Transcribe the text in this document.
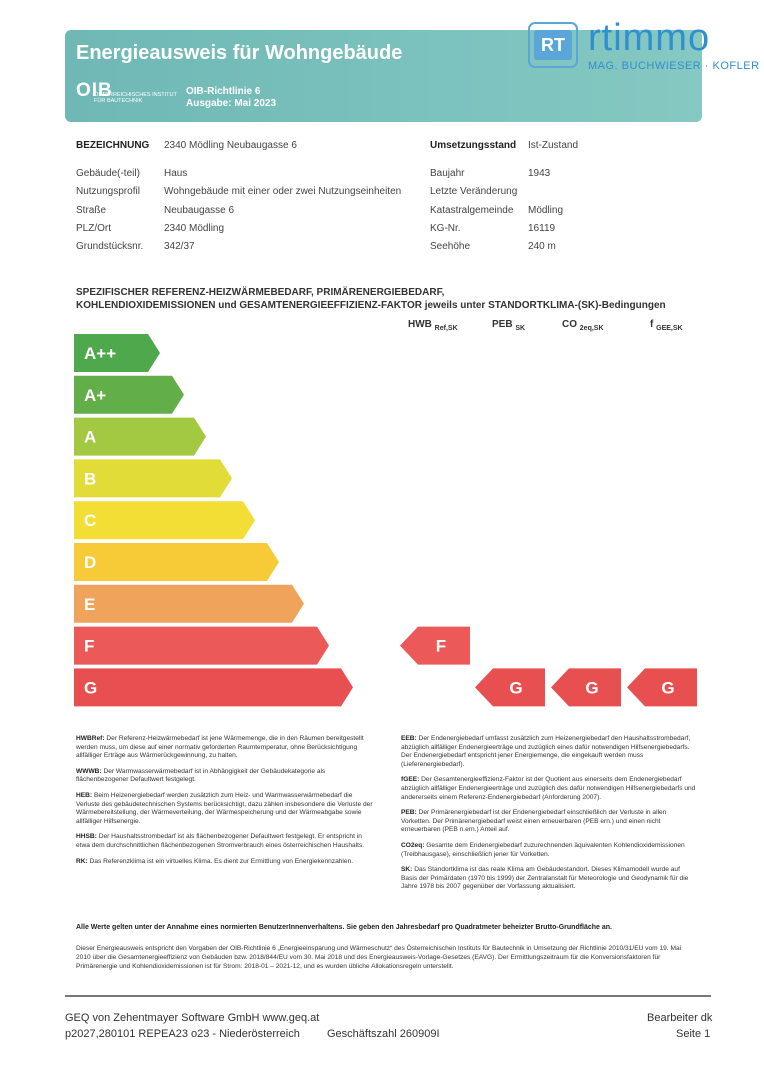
Energieausweis für Wohngebäude
OIB
ÖSTERREICHISCHES INSTITUT FÜR BAUTECHNIK
OIB-Richtlinie 6
Ausgabe: Mai 2023
RT rtimmo
MAG. BUCHWIESER · KOFLER
BEZEICHNUNG 2340 Mödling Neubaugasse 6	Umsetzungsstand Ist-Zustand
Gebäude(-teil) Haus
Nutzungsprofil Wohngebäude mit einer oder zwei Nutzungseinheiten
Straße	Neubaugasse 6
PLZ/Ort	2340 Mödling
Grundstücksnr. 342/37
Baujahr	1943
Letzte Veränderung
Katastralgemeinde Mödling
KG-Nr.	16119
Seehöhe	240 m
SPEZIFISCHER REFERENZ-HEIZWÄRMEBEDARF, PRIMÄRENERGIEBEDARF,
KOHLENDIOXIDEMISSIONEN und GESAMTENERGIEEFFIZIENZ-FAKTOR jeweils unter STANDORTKLIMA-(SK)-Bedingungen
HWB $_{Ref,SK}$	PEB $_{SK}$	CO $_{2eq,SK}$	f $_{GEE,SK}$
A++
A+
A
B
C
D
E
F
G
F
G	G	G

HWBRef: Der Referenz-Heizwärmebedarf ist jene Wärmemenge, die in den Räumen bereitgestellt werden muss, um diese auf einer normativ geforderten Raumtemperatur, ohne Berücksichtigung allfälliger Erträge aus Wärmerückgewinnung, zu halten.

WWWB: Der Warmwasserwärmebedarf ist in Abhängigkeit der Gebäudekategorie als flächenbezogener Defaultwert festgelegt.

HEB: Beim Heizenergiebedarf werden zusätzlich zum Heiz- und Warmwasserwärmebedarf die Verluste des gebäudetechnischen Systems berücksichtigt, dazu zählen insbesondere die Verluste der Wärmebereitstellung, der Wärmeverteilung, der Wärmespeicherung und der Wärmeabgabe sowie allfälliger Hilfsenergie.

HHSB: Der Haushaltsstrombedarf ist als flächenbezogener Defaultwert festgelegt. Er entspricht in etwa dem durchschnittlichen flächenbezogenen Stromverbrauch eines österreichischen Haushalts.

RK: Das Referenzklima ist ein virtuelles Klima. Es dient zur Ermittlung von Energiekennzahlen.

EEB: Der Endenergiebedarf umfasst zusätzlich zum Heizenergiebedarf den Haushaltsstrombedarf, abzüglich allfälliger Endenergieerträge und zuzüglich eines dafür notwendigen Hilfsenergiebedarfs. Der Endenergiebedarf entspricht jener Energiemenge, die eingekauft werden muss (Lieferenergiebedarf).

fGEE: Der Gesamtenergieeffizienz-Faktor ist der Quotient aus einerseits dem Endenergiebedarf abzüglich allfälliger Endenergieerträge und zuzüglich des dafür notwendigen Hilfsenergiebedarfs und andererseits einem Referenz-Endenergiebedarf (Anforderung 2007).

PEB: Der Primärenergiebedarf ist der Endenergiebedarf einschließlich der Verluste in allen Vorketten. Der Primärenergiebedarf weist einen erneuerbaren (PEB ern.) und einen nicht erneuerbaren (PEB n.ern.) Anteil auf.

CO2eq: Gesamte dem Endenergiebedarf zuzurechnenden äquivalenten Kohlendioxidemissionen (Treibhausgase), einschließlich jener für Vorketten.

SK: Das Standortklima ist das reale Klima am Gebäudestandort. Dieses Klimamodell wurde auf Basis der Primärdaten (1970 bis 1999) der Zentralanstalt für Meteorologie und Geodynamik für die Jahre 1978 bis 2007 gegenüber der Vorfassung aktualisiert.

Alle Werte gelten unter der Annahme eines normierten BenutzerInnenverhaltens. Sie geben den Jahresbedarf pro Quadratmeter beheizter Brutto-Grundfläche an.
Dieser Energieausweis entspricht den Vorgaben der OIB-Richtlinie 6 „Energieeinsparung und Wärmeschutz“ des Österreichischen Instituts für Bautechnik in Umsetzung der Richtlinie 2010/31/EU vom 19. Mai 2010 über die Gesamtenergieeffizienz von Gebäuden bzw. 2018/844/EU vom 30. Mai 2018 und des Energieausweis-Vorlage-Gesetzes (EAVG). Der Ermittlungszeitraum für die Konversionsfaktoren für Primärenergie und Kohlendioxidemissionen ist für Strom: 2018-01 – 2021-12, und es wurden übliche Allokationsregeln unterstellt.
GEQ von Zehentmayer Software GmbH www.geq.at
p2027,280101 REPEA23 o23 - Niederösterreich Geschäftszahl 260909I
Bearbeiter dk
Seite 1
